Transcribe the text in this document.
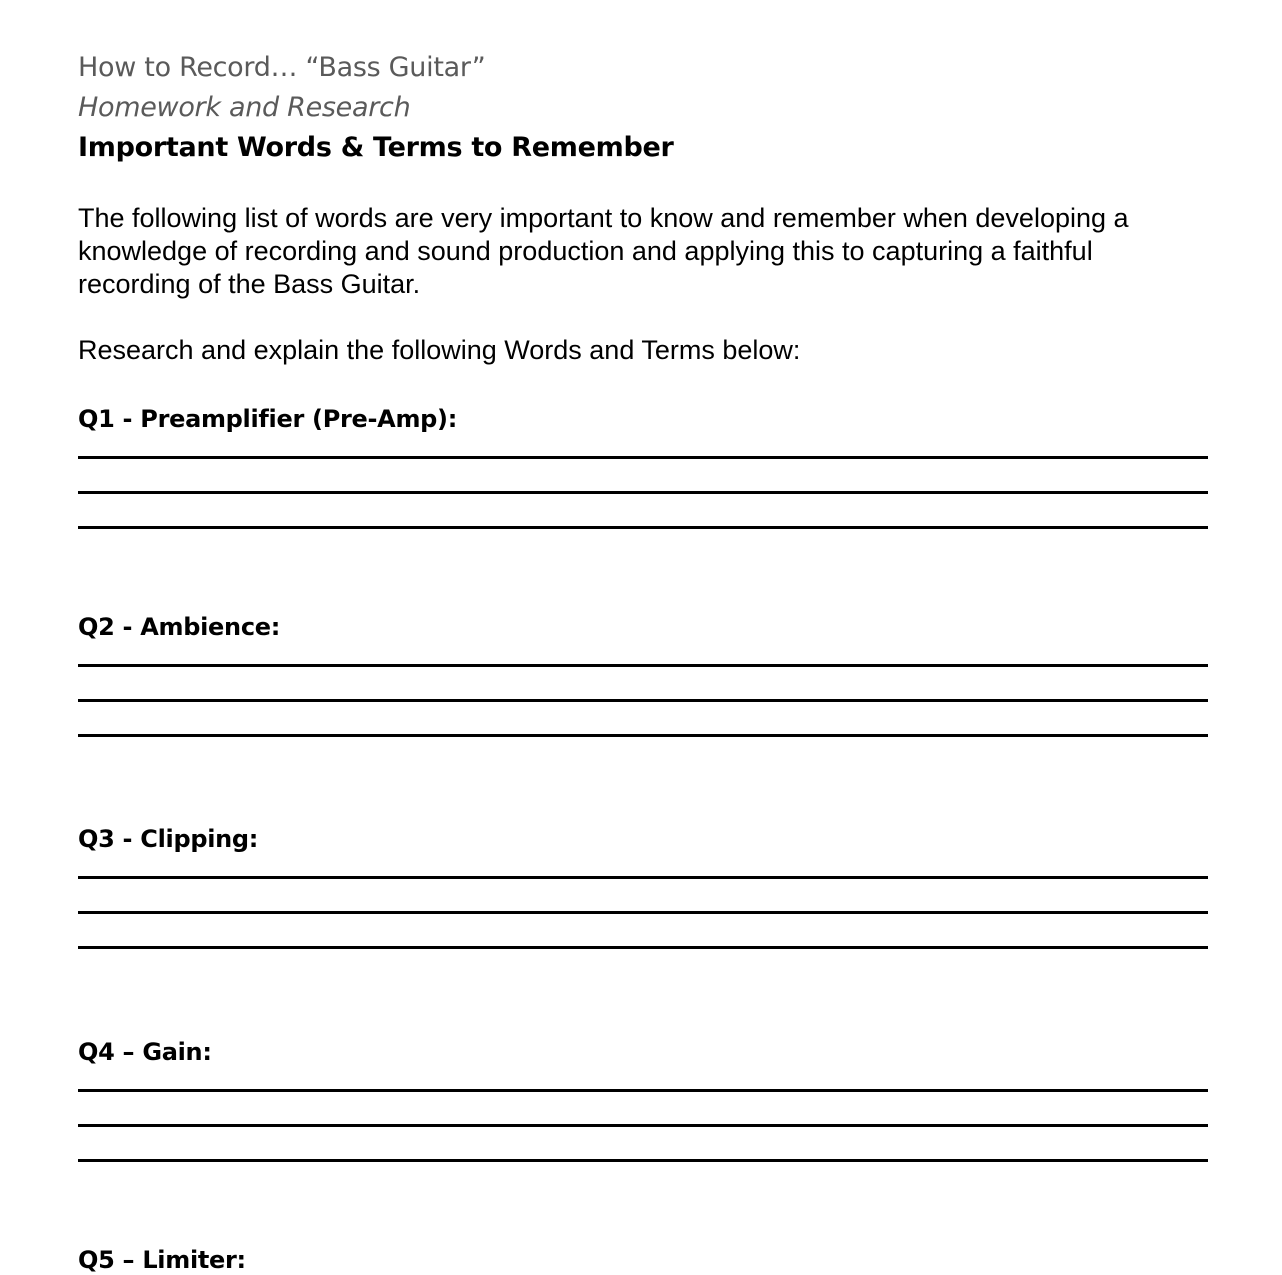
How to Record… “Bass Guitar”
Homework and Research
Important Words & Terms to Remember

The following list of words are very important to know and remember when developing a knowledge of recording and sound production and applying this to capturing a faithful recording of the Bass Guitar.

Research and explain the following Words and Terms below:

Q1 - Preamplifier (Pre-Amp):
Q2 - Ambience:
Q3 - Clipping:
Q4 – Gain:
Q5 – Limiter:
